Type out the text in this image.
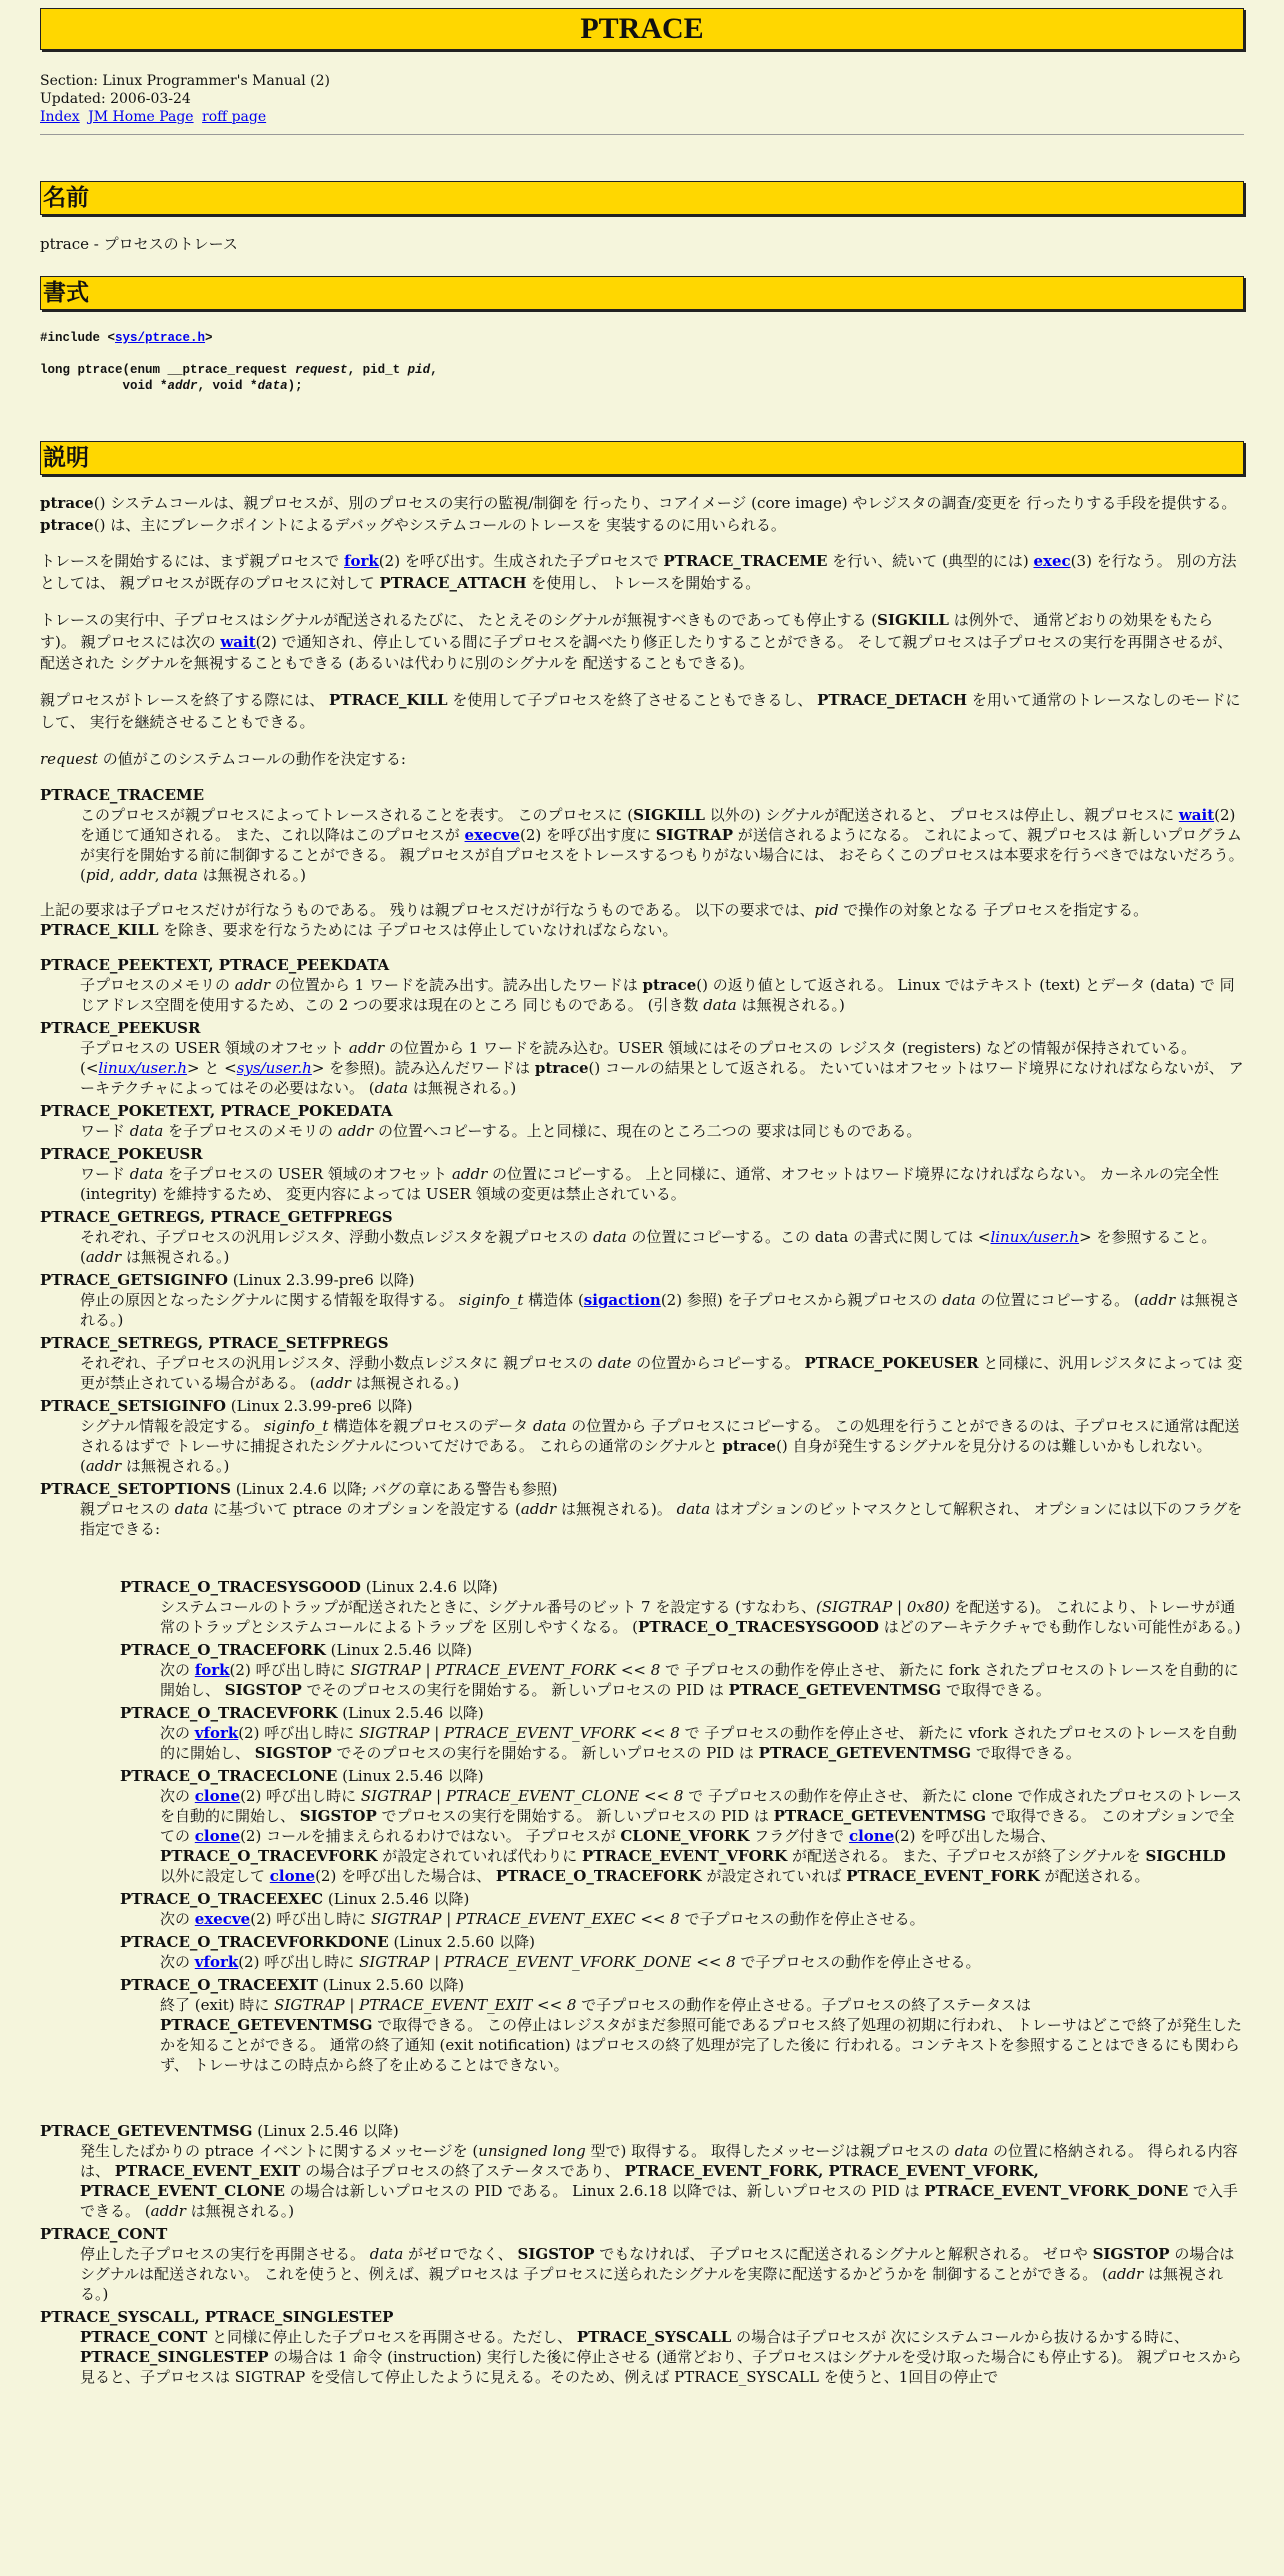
PTRACE
Section: Linux Programmer's Manual (2)
Updated: 2006-03-24
Index JM Home Page roff page
名前

ptrace - プロセスのトレース

書式
#include <sys/ptrace.h>
long ptrace(enum __ptrace_request request, pid_t pid,
void *addr, void *data);
説明

ptrace() システムコールは、親プロセスが、別のプロセスの実行の監視/制御を 行ったり、コアイメージ (core image) やレジスタの調査/変更を 行ったりする手段を提供する。 ptrace() は、主にブレークポイントによるデバッグやシステムコールのトレースを 実装するのに用いられる。

トレースを開始するには、まず親プロセスで fork(2) を呼び出す。生成された子プロセスで PTRACE_TRACEME を行い、続いて (典型的には) exec(3) を行なう。 別の方法としては、 親プロセスが既存のプロセスに対して PTRACE_ATTACH を使用し、 トレースを開始する。

トレースの実行中、子プロセスはシグナルが配送されるたびに、 たとえそのシグナルが無視すべきものであっても停止する (SIGKILL は例外で、 通常どおりの効果をもたらす)。 親プロセスには次の wait(2) で通知され、停止している間に子プロセスを調べたり修正したりすることができる。 そして親プロセスは子プロセスの実行を再開させるが、配送された シグナルを無視することもできる (あるいは代わりに別のシグナルを 配送することもできる)。

親プロセスがトレースを終了する際には、 PTRACE_KILL を使用して子プロセスを終了させることもできるし、 PTRACE_DETACH を用いて通常のトレースなしのモードにして、 実行を継続させることもできる。

request の値がこのシステムコールの動作を決定する:

PTRACE_TRACEME
このプロセスが親プロセスによってトレースされることを表す。 このプロセスに (SIGKILL 以外の) シグナルが配送されると、 プロセスは停止し、親プロセスに wait(2) を通じて通知される。 また、これ以降はこのプロセスが execve(2) を呼び出す度に SIGTRAP が送信されるようになる。 これによって、親プロセスは 新しいプログラムが実行を開始する前に制御することができる。 親プロセスが自プロセスをトレースするつもりがない場合には、 おそらくこのプロセスは本要求を行うべきではないだろう。 (pid, addr, data は無視される。)

上記の要求は子プロセスだけが行なうものである。 残りは親プロセスだけが行なうものである。 以下の要求では、pid で操作の対象となる 子プロセスを指定する。 PTRACE_KILL を除き、要求を行なうためには 子プロセスは停止していなければならない。

PTRACE_PEEKTEXT, PTRACE_PEEKDATA
子プロセスのメモリの addr の位置から 1 ワードを読み出す。読み出したワードは ptrace() の返り値として返される。 Linux ではテキスト (text) とデータ (data) で 同じアドレス空間を使用するため、この 2 つの要求は現在のところ 同じものである。 (引き数 data は無視される。)
PTRACE_PEEKUSR
子プロセスの USER 領域のオフセット addr の位置から 1 ワードを読み込む。USER 領域にはそのプロセスの レジスタ (registers) などの情報が保持されている。 (<linux/user.h> と <sys/user.h> を参照)。読み込んだワードは ptrace() コールの結果として返される。 たいていはオフセットはワード境界になければならないが、 アーキテクチャによってはその必要はない。 (data は無視される。)
PTRACE_POKETEXT, PTRACE_POKEDATA
ワード data を子プロセスのメモリの addr の位置へコピーする。上と同様に、現在のところ二つの 要求は同じものである。
PTRACE_POKEUSR
ワード data を子プロセスの USER 領域のオフセット addr の位置にコピーする。 上と同様に、通常、オフセットはワード境界になければならない。 カーネルの完全性 (integrity) を維持するため、 変更内容によっては USER 領域の変更は禁止されている。
PTRACE_GETREGS, PTRACE_GETFPREGS
それぞれ、子プロセスの汎用レジスタ、浮動小数点レジスタを親プロセスの data の位置にコピーする。この data の書式に関しては <linux/user.h> を参照すること。 (addr は無視される。)
PTRACE_GETSIGINFO (Linux 2.3.99-pre6 以降)
停止の原因となったシグナルに関する情報を取得する。 siginfo_t 構造体 (sigaction(2) 参照) を子プロセスから親プロセスの data の位置にコピーする。 (addr は無視される。)
PTRACE_SETREGS, PTRACE_SETFPREGS
それぞれ、子プロセスの汎用レジスタ、浮動小数点レジスタに 親プロセスの date の位置からコピーする。 PTRACE_POKEUSER と同様に、汎用レジスタによっては 変更が禁止されている場合がある。 (addr は無視される。)
PTRACE_SETSIGINFO (Linux 2.3.99-pre6 以降)
シグナル情報を設定する。 siginfo_t 構造体を親プロセスのデータ data の位置から 子プロセスにコピーする。 この処理を行うことができるのは、子プロセスに通常は配送されるはずで トレーサに捕捉されたシグナルについてだけである。 これらの通常のシグナルと ptrace() 自身が発生するシグナルを見分けるのは難しいかもしれない。 (addr は無視される。)
PTRACE_SETOPTIONS (Linux 2.4.6 以降; バグの章にある警告も参照)
親プロセスの data に基づいて ptrace のオプションを設定する (addr は無視される)。 data はオプションのビットマスクとして解釈され、 オプションには以下のフラグを指定できる:
PTRACE_O_TRACESYSGOOD (Linux 2.4.6 以降)
システムコールのトラップが配送されたときに、シグナル番号のビット 7 を設定する (すなわち、(SIGTRAP | 0x80) を配送する)。 これにより、トレーサが通常のトラップとシステムコールによるトラップを 区別しやすくなる。 (PTRACE_O_TRACESYSGOOD はどのアーキテクチャでも動作しない可能性がある。)
PTRACE_O_TRACEFORK (Linux 2.5.46 以降)
次の fork(2) 呼び出し時に SIGTRAP | PTRACE_EVENT_FORK << 8 で 子プロセスの動作を停止させ、 新たに fork されたプロセスのトレースを自動的に開始し、 SIGSTOP でそのプロセスの実行を開始する。 新しいプロセスの PID は PTRACE_GETEVENTMSG で取得できる。
PTRACE_O_TRACEVFORK (Linux 2.5.46 以降)
次の vfork(2) 呼び出し時に SIGTRAP | PTRACE_EVENT_VFORK << 8 で 子プロセスの動作を停止させ、 新たに vfork されたプロセスのトレースを自動的に開始し、 SIGSTOP でそのプロセスの実行を開始する。 新しいプロセスの PID は PTRACE_GETEVENTMSG で取得できる。
PTRACE_O_TRACECLONE (Linux 2.5.46 以降)
次の clone(2) 呼び出し時に SIGTRAP | PTRACE_EVENT_CLONE << 8 で 子プロセスの動作を停止させ、 新たに clone で作成されたプロセスのトレースを自動的に開始し、 SIGSTOP でプロセスの実行を開始する。 新しいプロセスの PID は PTRACE_GETEVENTMSG で取得できる。 このオプションで全ての clone(2) コールを捕まえられるわけではない。 子プロセスが CLONE_VFORK フラグ付きで clone(2) を呼び出した場合、 PTRACE_O_TRACEVFORK が設定されていれば代わりに PTRACE_EVENT_VFORK が配送される。 また、子プロセスが終了シグナルを SIGCHLD 以外に設定して clone(2) を呼び出した場合は、 PTRACE_O_TRACEFORK が設定されていれば PTRACE_EVENT_FORK が配送される。
PTRACE_O_TRACEEXEC (Linux 2.5.46 以降)
次の execve(2) 呼び出し時に SIGTRAP | PTRACE_EVENT_EXEC << 8 で子プロセスの動作を停止させる。
PTRACE_O_TRACEVFORKDONE (Linux 2.5.60 以降)
次の vfork(2) 呼び出し時に SIGTRAP | PTRACE_EVENT_VFORK_DONE << 8 で子プロセスの動作を停止させる。
PTRACE_O_TRACEEXIT (Linux 2.5.60 以降)
終了 (exit) 時に SIGTRAP | PTRACE_EVENT_EXIT << 8 で子プロセスの動作を停止させる。子プロセスの終了ステータスは PTRACE_GETEVENTMSG で取得できる。 この停止はレジスタがまだ参照可能であるプロセス終了処理の初期に行われ、 トレーサはどこで終了が発生したかを知ることができる。 通常の終了通知 (exit notification) はプロセスの終了処理が完了した後に 行われる。コンテキストを参照することはできるにも関わらず、 トレーサはこの時点から終了を止めることはできない。
PTRACE_GETEVENTMSG (Linux 2.5.46 以降)
発生したばかりの ptrace イベントに関するメッセージを (unsigned long 型で) 取得する。 取得したメッセージは親プロセスの data の位置に格納される。 得られる内容は、 PTRACE_EVENT_EXIT の場合は子プロセスの終了ステータスであり、 PTRACE_EVENT_FORK, PTRACE_EVENT_VFORK, PTRACE_EVENT_CLONE の場合は新しいプロセスの PID である。 Linux 2.6.18 以降では、新しいプロセスの PID は PTRACE_EVENT_VFORK_DONE で入手できる。 (addr は無視される。)
PTRACE_CONT
停止した子プロセスの実行を再開させる。 data がゼロでなく、 SIGSTOP でもなければ、 子プロセスに配送されるシグナルと解釈される。 ゼロや SIGSTOP の場合はシグナルは配送されない。 これを使うと、例えば、親プロセスは 子プロセスに送られたシグナルを実際に配送するかどうかを 制御することができる。 (addr は無視される。)
PTRACE_SYSCALL, PTRACE_SINGLESTEP
PTRACE_CONT と同様に停止した子プロセスを再開させる。ただし、 PTRACE_SYSCALL の場合は子プロセスが 次にシステムコールから抜けるかする時に、 PTRACE_SINGLESTEP の場合は 1 命令 (instruction) 実行した後に停止させる (通常どおり、子プロセスはシグナルを受け取った場合にも停止する)。 親プロセスから見ると、子プロセスは SIGTRAP を受信して停止したように見える。そのため、例えば PTRACE_SYSCALL を使うと、1回目の停止で
